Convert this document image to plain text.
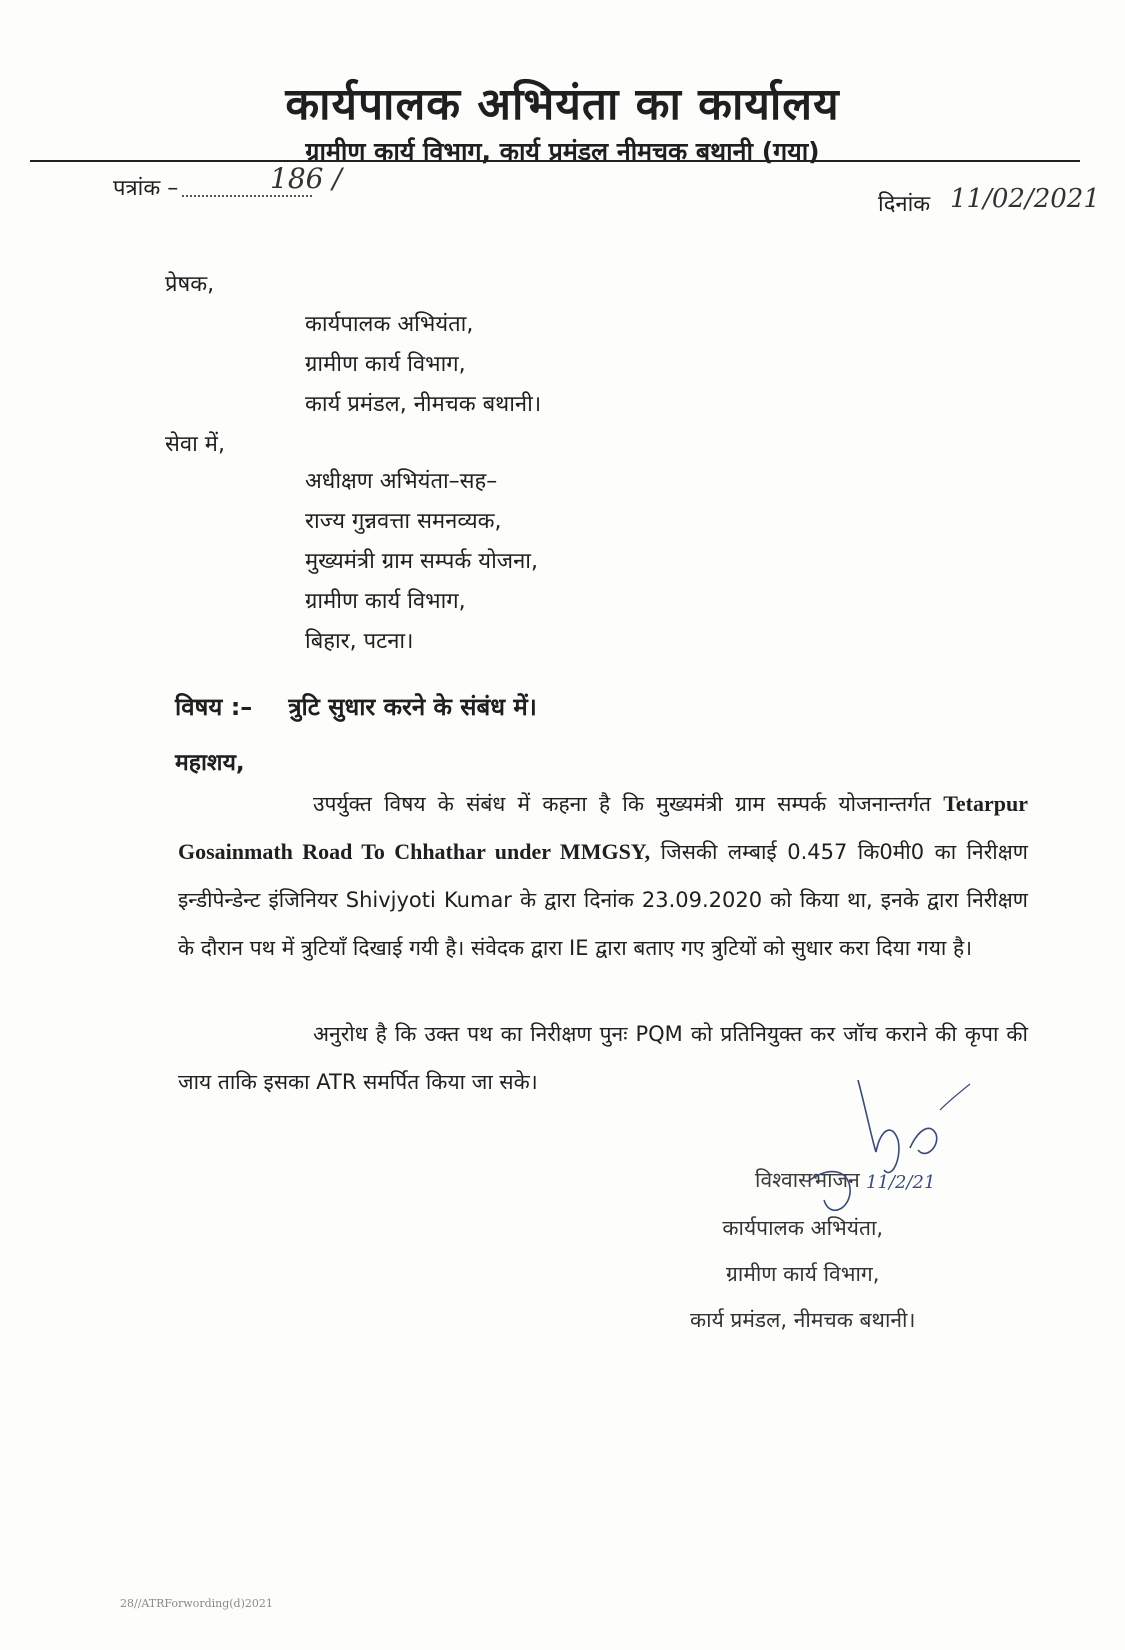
कार्यपालक अभियंता का कार्यालय
ग्रामीण कार्य विभाग, कार्य प्रमंडल नीमचक बथानी (गया)
पत्रांक –	186 /
दिनांक 11/02/2021
प्रेषक,
कार्यपालक अभियंता,
ग्रामीण कार्य विभाग,
कार्य प्रमंडल, नीमचक बथानी।
सेवा में,
अधीक्षण अभियंता–सह–
राज्य गुन्नवत्ता समनव्यक,
मुख्यमंत्री ग्राम सम्पर्क योजना,
ग्रामीण कार्य विभाग,
बिहार, पटना।
विषय :– त्रुटि सुधार करने के संबंध में।
महाशय,
उपर्युक्त विषय के संबंध में कहना है कि मुख्यमंत्री ग्राम सम्पर्क योजनान्तर्गत Tetarpur Gosainmath Road To Chhathar under MMGSY, जिसकी लम्बाई 0.457 कि0मी0 का निरीक्षण इन्डीपेन्डेन्ट इंजिनियर Shivjyoti Kumar के द्वारा दिनांक 23.09.2020 को किया था, इनके द्वारा निरीक्षण के दौरान पथ में त्रुटियाँ दिखाई गयी है। संवेदक द्वारा IE द्वारा बताए गए त्रुटियों को सुधार करा दिया गया है।
अनुरोध है कि उक्त पथ का निरीक्षण पुनः PQM को प्रतिनियुक्त कर जॉच कराने की कृपा की जाय ताकि इसका ATR समर्पित किया जा सके।
विश्वासभाजन 11/2/21
कार्यपालक अभियंता,
ग्रामीण कार्य विभाग,
कार्य प्रमंडल, नीमचक बथानी।
28//ATRForwording(d)2021
